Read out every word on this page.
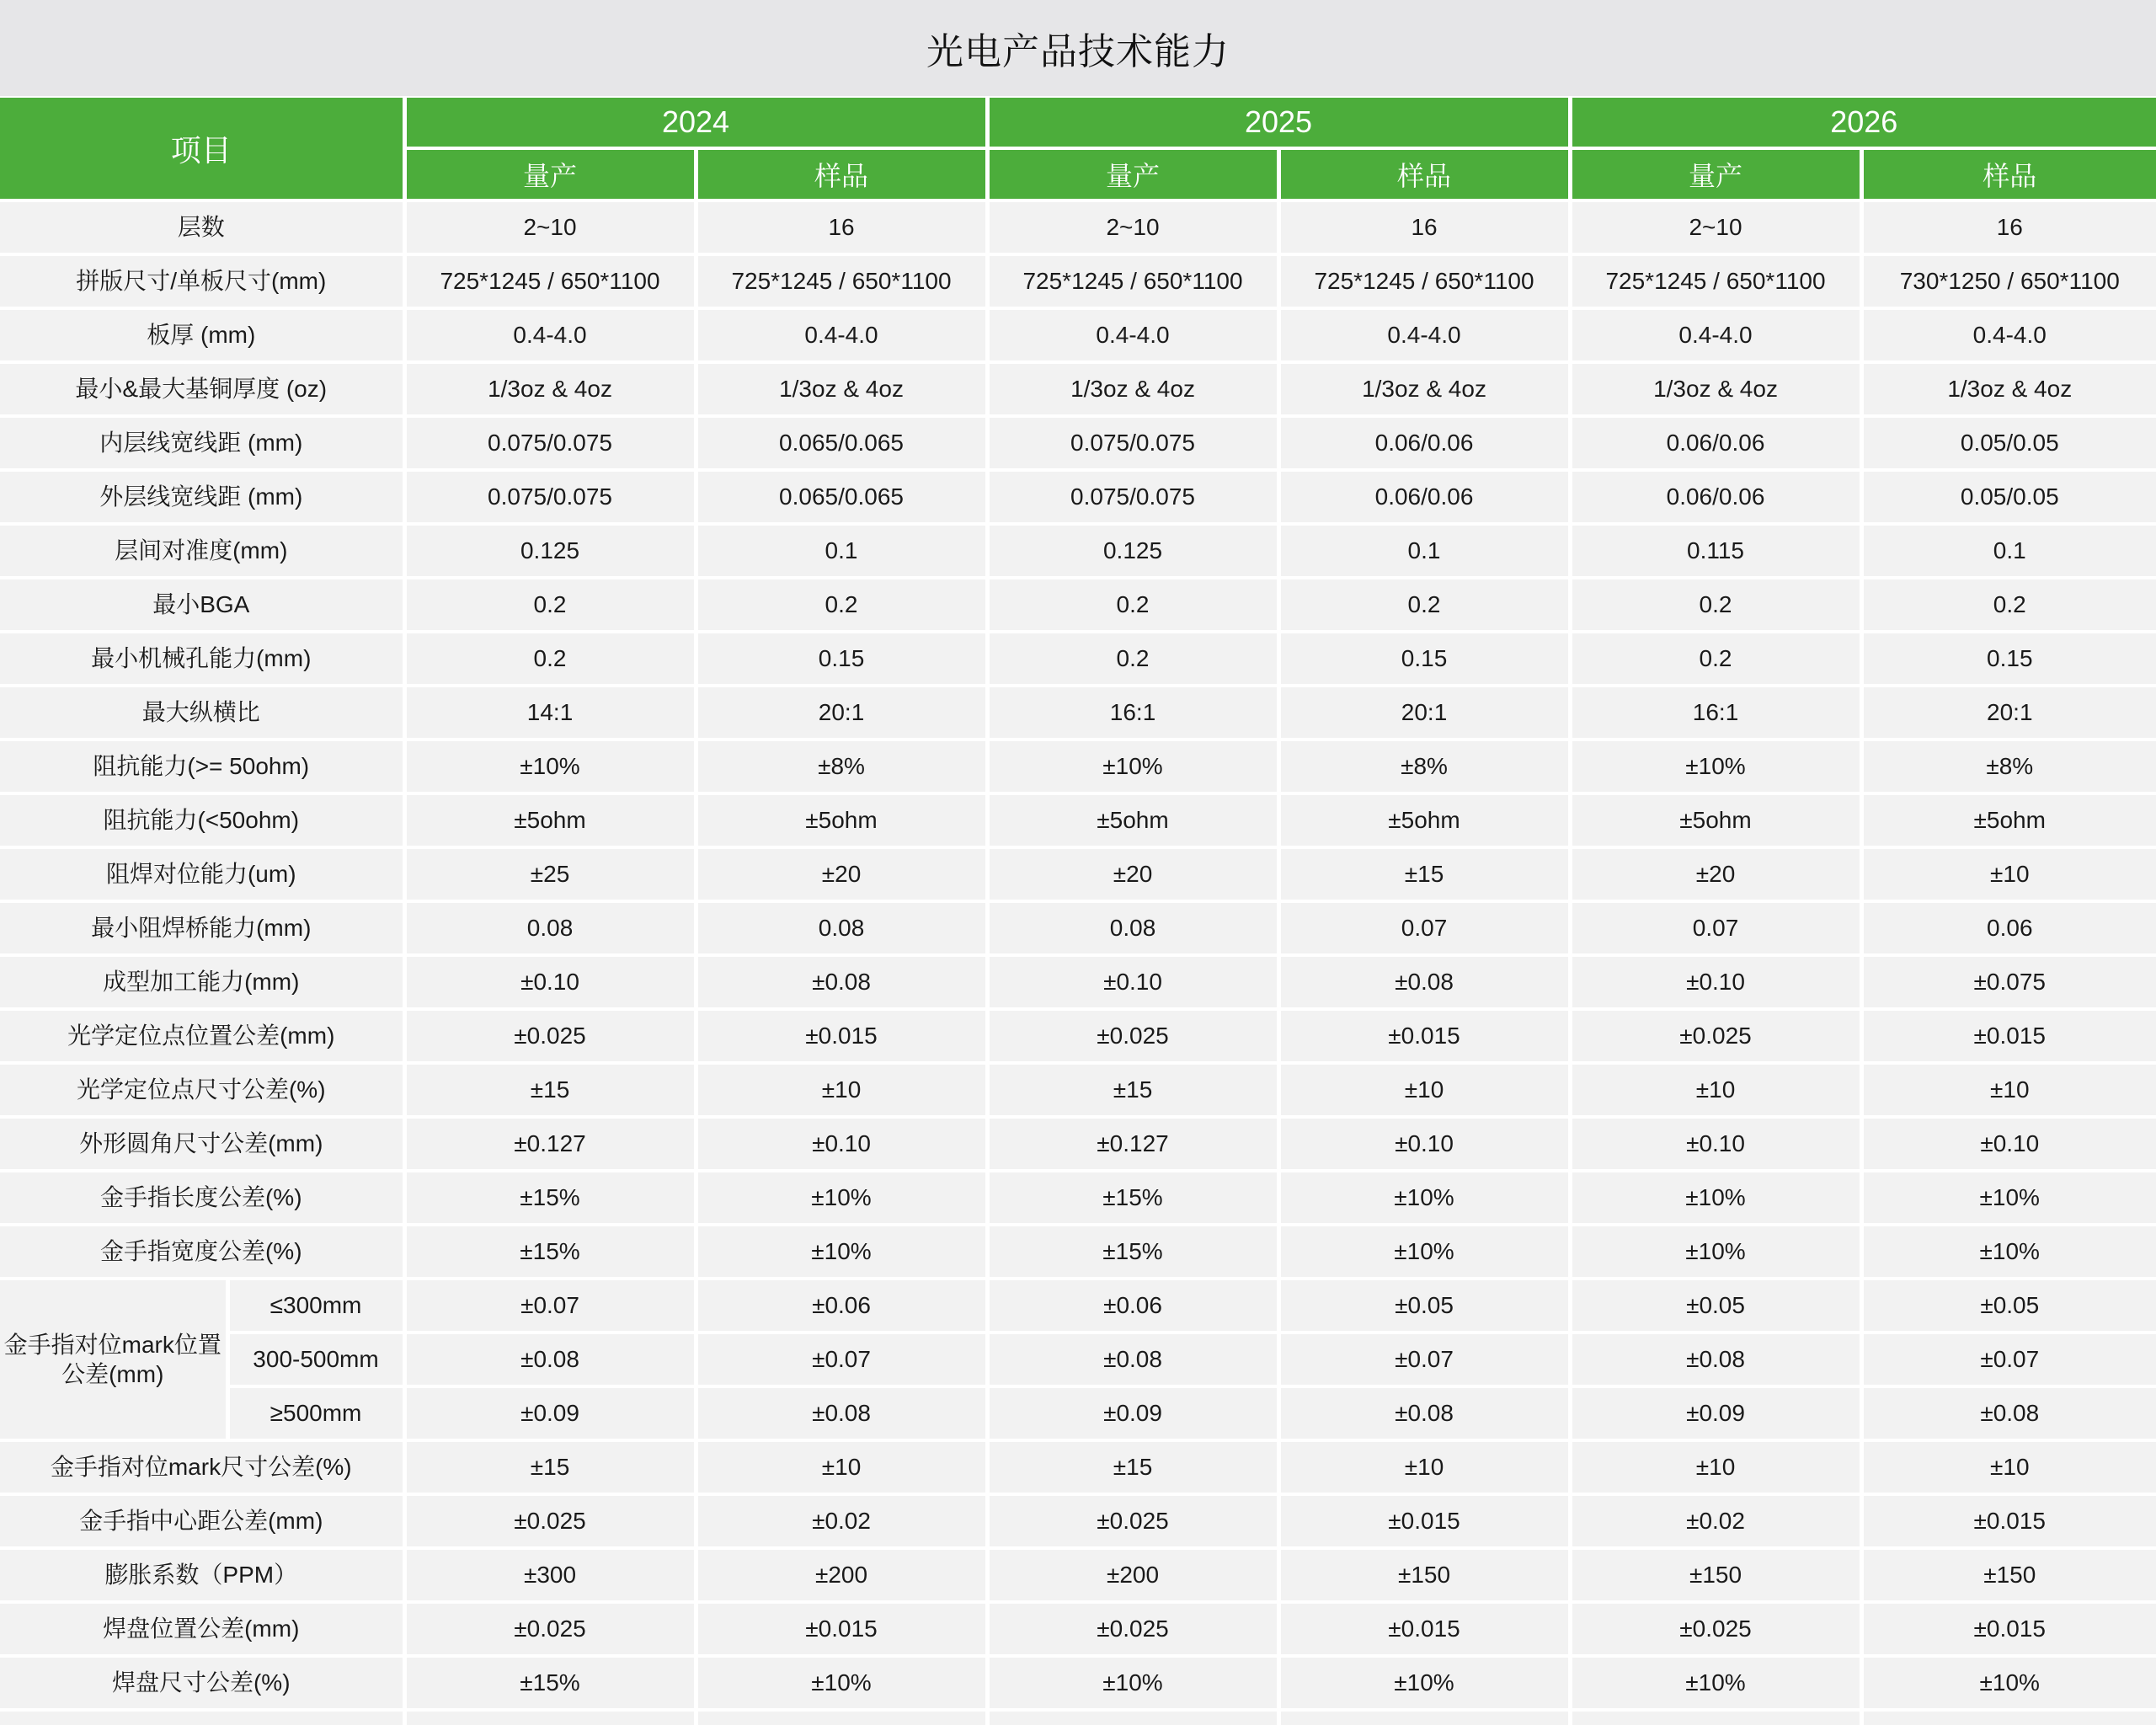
光电产品技术能力
项目		2024		2025		2026	
		量产	样品	量产	样品	量产	样品
层数		2~10	16	2~10	16	2~10	16
拼版尺寸/单板尺寸(mm)		725*1245 / 650*1100	725*1245 / 650*1100	725*1245 / 650*1100	725*1245 / 650*1100	725*1245 / 650*1100	730*1250 / 650*1100
板厚 (mm)		0.4-4.0	0.4-4.0	0.4-4.0	0.4-4.0	0.4-4.0	0.4-4.0
最小&最大基铜厚度 (oz)		1/3oz & 4oz	1/3oz & 4oz	1/3oz & 4oz	1/3oz & 4oz	1/3oz & 4oz	1/3oz & 4oz
内层线宽线距 (mm)		0.075/0.075	0.065/0.065	0.075/0.075	0.06/0.06	0.06/0.06	0.05/0.05
外层线宽线距 (mm)		0.075/0.075	0.065/0.065	0.075/0.075	0.06/0.06	0.06/0.06	0.05/0.05
层间对准度(mm)		0.125	0.1	0.125	0.1	0.115	0.1
最小BGA		0.2	0.2	0.2	0.2	0.2	0.2
最小机械孔能力(mm)		0.2	0.15	0.2	0.15	0.2	0.15
最大纵横比		14:1	20:1	16:1	20:1	16:1	20:1
阻抗能力(>= 50ohm)		±10%	±8%	±10%	±8%	±10%	±8%
阻抗能力(<50ohm)		±5ohm	±5ohm	±5ohm	±5ohm	±5ohm	±5ohm
阻焊对位能力(um)		±25	±20	±20	±15	±20	±10
最小阻焊桥能力(mm)		0.08	0.08	0.08	0.07	0.07	0.06
成型加工能力(mm)		±0.10	±0.08	±0.10	±0.08	±0.10	±0.075
光学定位点位置公差(mm)		±0.025	±0.015	±0.025	±0.015	±0.025	±0.015
光学定位点尺寸公差(%)		±15	±10	±15	±10	±10	±10
外形圆角尺寸公差(mm)		±0.127	±0.10	±0.127	±0.10	±0.10	±0.10
金手指长度公差(%)		±15%	±10%	±15%	±10%	±10%	±10%
金手指宽度公差(%)		±15%	±10%	±15%	±10%	±10%	±10%
金手指对位mark位置公差(mm)	≤300mm	±0.07	±0.06	±0.06	±0.05	±0.05	±0.05
	300-500mm	±0.08	±0.07	±0.08	±0.07	±0.08	±0.07
	≥500mm	±0.09	±0.08	±0.09	±0.08	±0.09	±0.08
金手指对位mark尺寸公差(%)		±15	±10	±15	±10	±10	±10
金手指中心距公差(mm)		±0.025	±0.02	±0.025	±0.015	±0.02	±0.015
膨胀系数（PPM）		±300	±200	±200	±150	±150	±150
焊盘位置公差(mm)		±0.025	±0.015	±0.025	±0.015	±0.025	±0.015
焊盘尺寸公差(%)		±15%	±10%	±10%	±10%	±10%	±10%
